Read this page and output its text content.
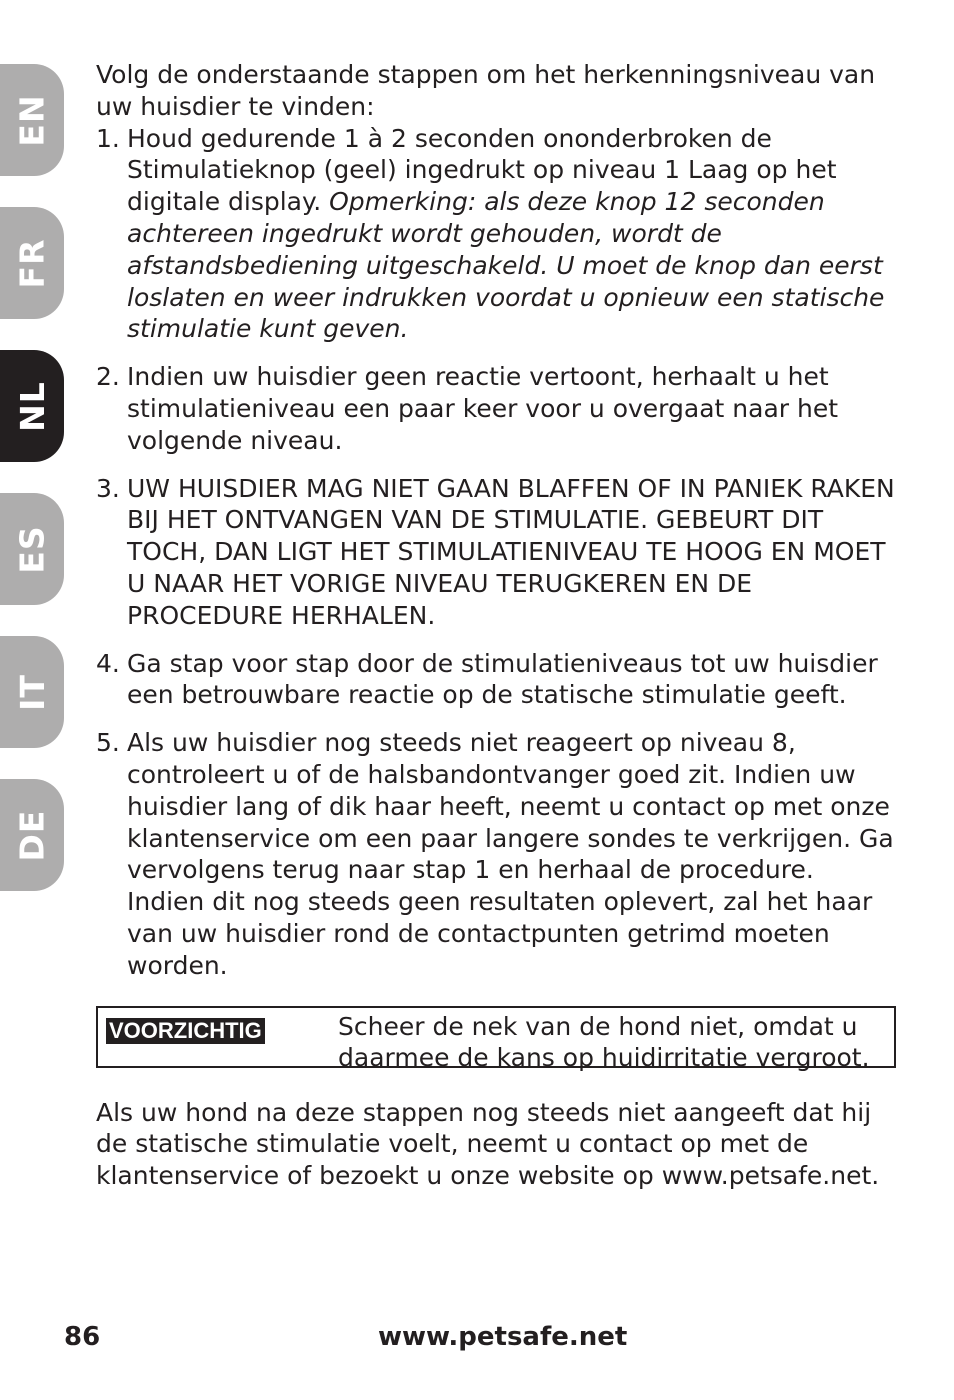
EN
FR
NL
ES
IT
DE

Volg de onderstaande stappen om het herkenningsniveau van uw huisdier te vinden:

1. Houd gedurende 1 à 2 seconden ononderbroken de Stimulatieknop (geel) ingedrukt op niveau 1 Laag op het digitale display. Opmerking: als deze knop 12 seconden achtereen ingedrukt wordt gehouden, wordt de afstandsbediening uitgeschakeld. U moet de knop dan eerst loslaten en weer indrukken voordat u opnieuw een statische stimulatie kunt geven.
2. Indien uw huisdier geen reactie vertoont, herhaalt u het stimulatieniveau een paar keer voor u overgaat naar het volgende niveau.
3. UW HUISDIER MAG NIET GAAN BLAFFEN OF IN PANIEK RAKEN BIJ HET ONTVANGEN VAN DE STIMULATIE. GEBEURT DIT TOCH, DAN LIGT HET STIMULATIENIVEAU TE HOOG EN MOET U NAAR HET VORIGE NIVEAU TERUGKEREN EN DE PROCEDURE HERHALEN.
4. Ga stap voor stap door de stimulatieniveaus tot uw huisdier een betrouwbare reactie op de statische stimulatie geeft.
5. Als uw huisdier nog steeds niet reageert op niveau 8, controleert u of de halsbandontvanger goed zit. Indien uw huisdier lang of dik haar heeft, neemt u contact op met onze klantenservice om een paar langere sondes te verkrijgen. Ga vervolgens terug naar stap 1 en herhaal de procedure. Indien dit nog steeds geen resultaten oplevert, zal het haar van uw huisdier rond de contactpunten getrimd moeten worden.
VOORZICHTIG	Scheer de nek van de hond niet, omdat u daarmee de kans op huidirritatie vergroot.

Als uw hond na deze stappen nog steeds niet aangeeft dat hij de statische stimulatie voelt, neemt u contact op met de klantenservice of bezoekt u onze website op www.petsafe.net.

86	www.petsafe.net
